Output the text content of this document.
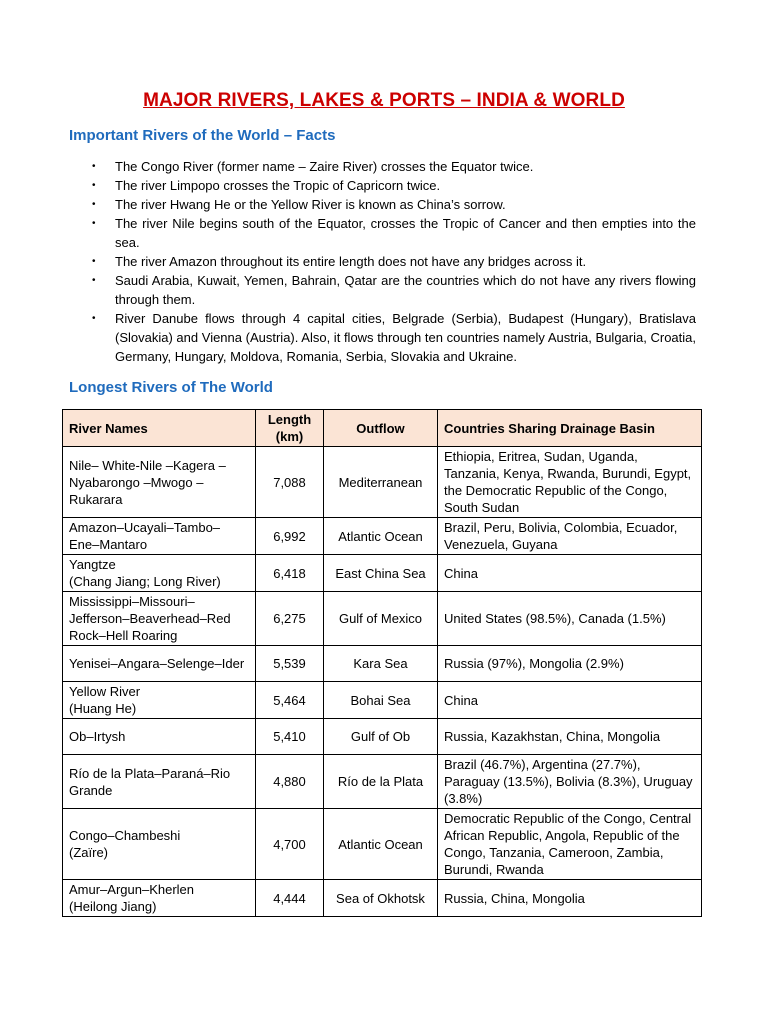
MAJOR RIVERS, LAKES & PORTS – INDIA & WORLD
Important Rivers of the World – Facts
• The Congo River (former name – Zaire River) crosses the Equator twice.
• The river Limpopo crosses the Tropic of Capricorn twice.
• The river Hwang He or the Yellow River is known as China’s sorrow.
• The river Nile begins south of the Equator, crosses the Tropic of Cancer and then empties into the sea.
• The river Amazon throughout its entire length does not have any bridges across it.
• Saudi Arabia, Kuwait, Yemen, Bahrain, Qatar are the countries which do not have any rivers flowing through them.
• River Danube flows through 4 capital cities, Belgrade (Serbia), Budapest (Hungary), Bratislava (Slovakia) and Vienna (Austria). Also, it flows through ten countries namely Austria, Bulgaria, Croatia, Germany, Hungary, Moldova, Romania, Serbia, Slovakia and Ukraine.
Longest Rivers of The World
River Names	Length (km)	Outflow	Countries Sharing Drainage Basin
Nile– White-Nile –Kagera –Nyabarongo –Mwogo –Rukarara	7,088	Mediterranean	Ethiopia, Eritrea, Sudan, Uganda, Tanzania, Kenya, Rwanda, Burundi, Egypt, the Democratic Republic of the Congo, South Sudan
Amazon–Ucayali–Tambo–Ene–Mantaro	6,992	Atlantic Ocean	Brazil, Peru, Bolivia, Colombia, Ecuador, Venezuela, Guyana
Yangtze
(Chang Jiang; Long River)	6,418	East China Sea	China
Mississippi–Missouri–Jefferson–Beaverhead–Red Rock–Hell Roaring	6,275	Gulf of Mexico	United States (98.5%), Canada (1.5%)
Yenisei–Angara–Selenge–Ider	5,539	Kara Sea	Russia (97%), Mongolia (2.9%)
Yellow River
(Huang He)	5,464	Bohai Sea	China
Ob–Irtysh	5,410	Gulf of Ob	Russia, Kazakhstan, China, Mongolia
Río de la Plata–Paraná–Rio Grande	4,880	Río de la Plata	Brazil (46.7%), Argentina (27.7%), Paraguay (13.5%), Bolivia (8.3%), Uruguay (3.8%)
Congo–Chambeshi
(Zaïre)	4,700	Atlantic Ocean	Democratic Republic of the Congo, Central African Republic, Angola, Republic of the Congo, Tanzania, Cameroon, Zambia, Burundi, Rwanda
Amur–Argun–Kherlen
(Heilong Jiang)	4,444	Sea of Okhotsk	Russia, China, Mongolia
